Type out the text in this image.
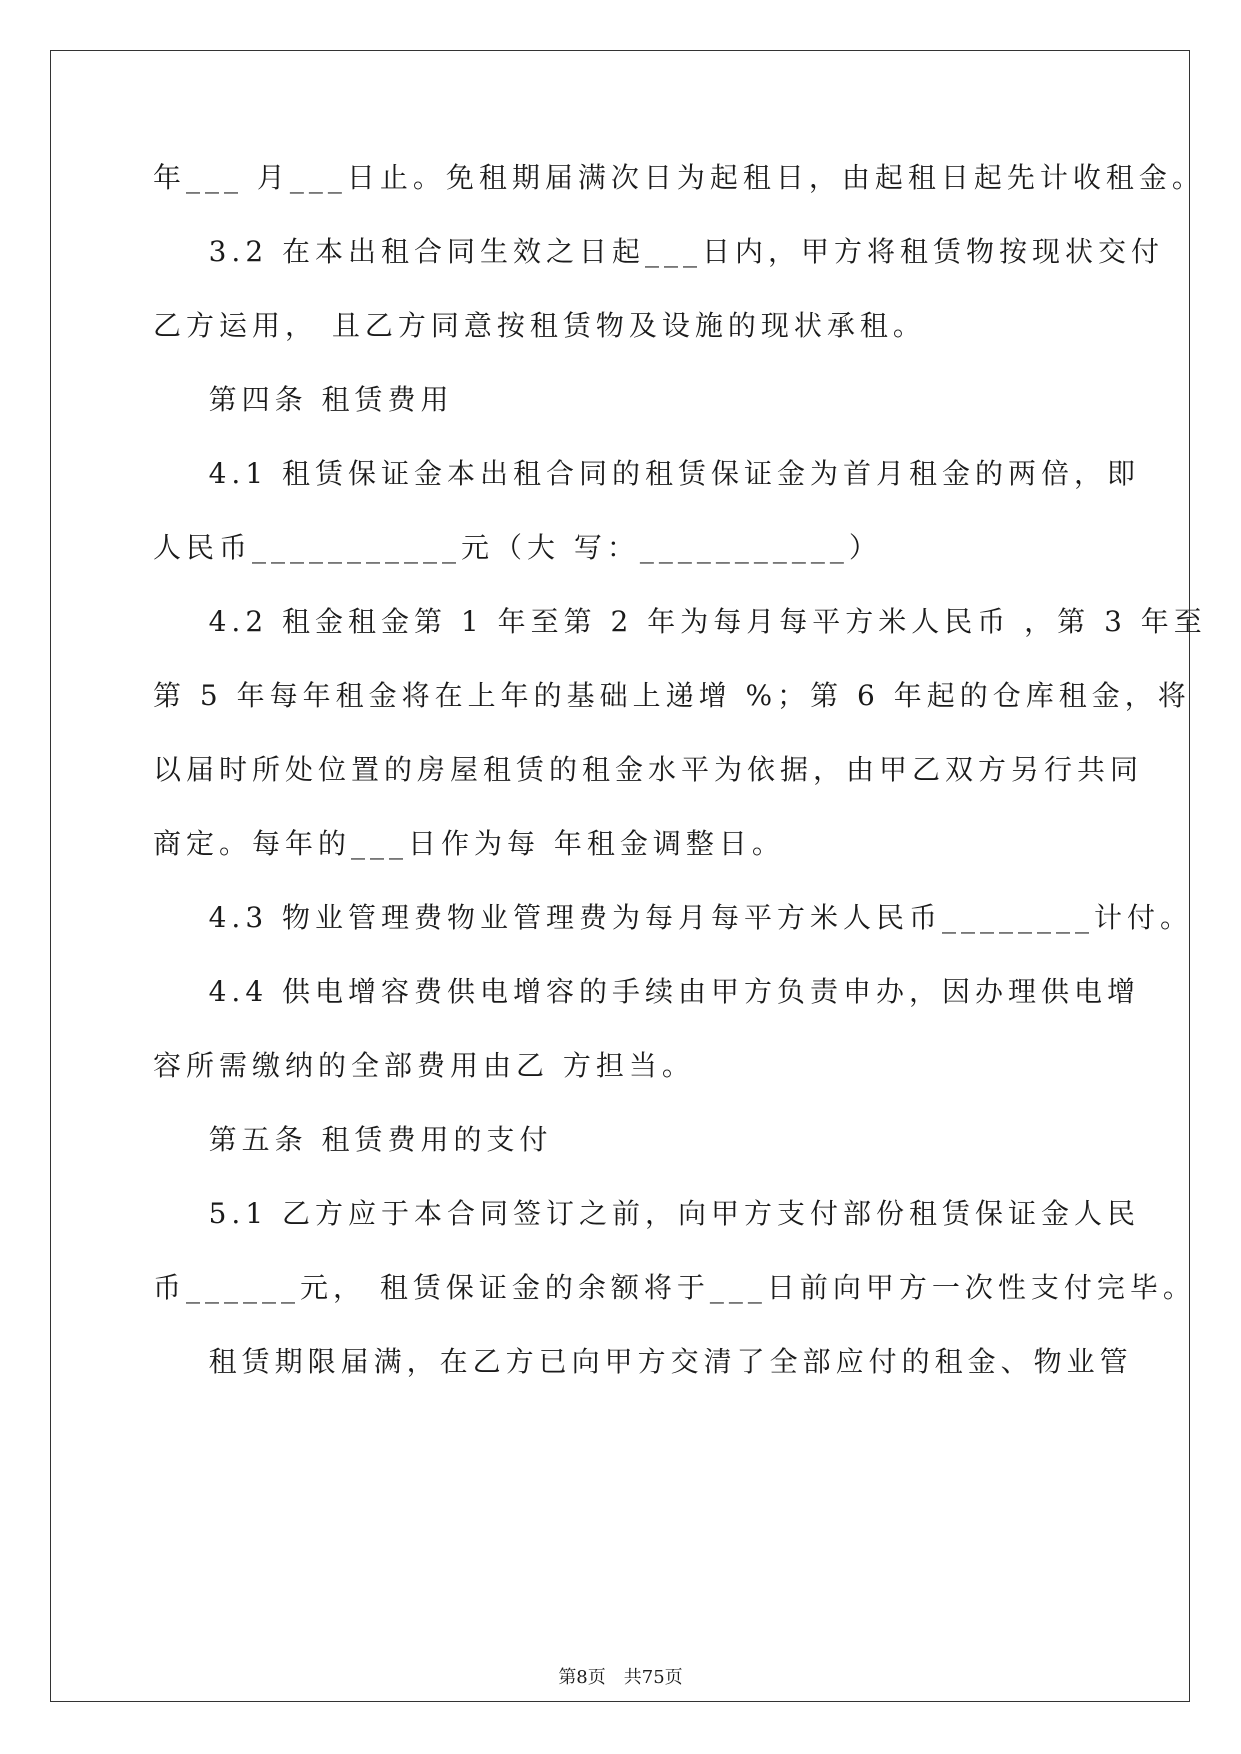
年___ 月___日止。免租期届满次日为起租日，由起租日起先计收租金。
3.2 在本出租合同生效之日起___日内，甲方将租赁物按现状交付
乙方运用， 且乙方同意按租赁物及设施的现状承租。
第四条 租赁费用
4.1 租赁保证金本出租合同的租赁保证金为首月租金的两倍，即
人民币___________元（大 写：___________）
4.2 租金租金第 1 年至第 2 年为每月每平方米人民币 ，第 3 年至
第 5 年每年租金将在上年的基础上递增 %；第 6 年起的仓库租金，将
以届时所处位置的房屋租赁的租金水平为依据，由甲乙双方另行共同
商定。每年的___日作为每 年租金调整日。
4.3 物业管理费物业管理费为每月每平方米人民币________计付。
4.4 供电增容费供电增容的手续由甲方负责申办，因办理供电增
容所需缴纳的全部费用由乙 方担当。
第五条 租赁费用的支付
5.1 乙方应于本合同签订之前，向甲方支付部份租赁保证金人民
币______元， 租赁保证金的余额将于___日前向甲方一次性支付完毕。
租赁期限届满，在乙方已向甲方交清了全部应付的租金、物业管
第8页 共75页
